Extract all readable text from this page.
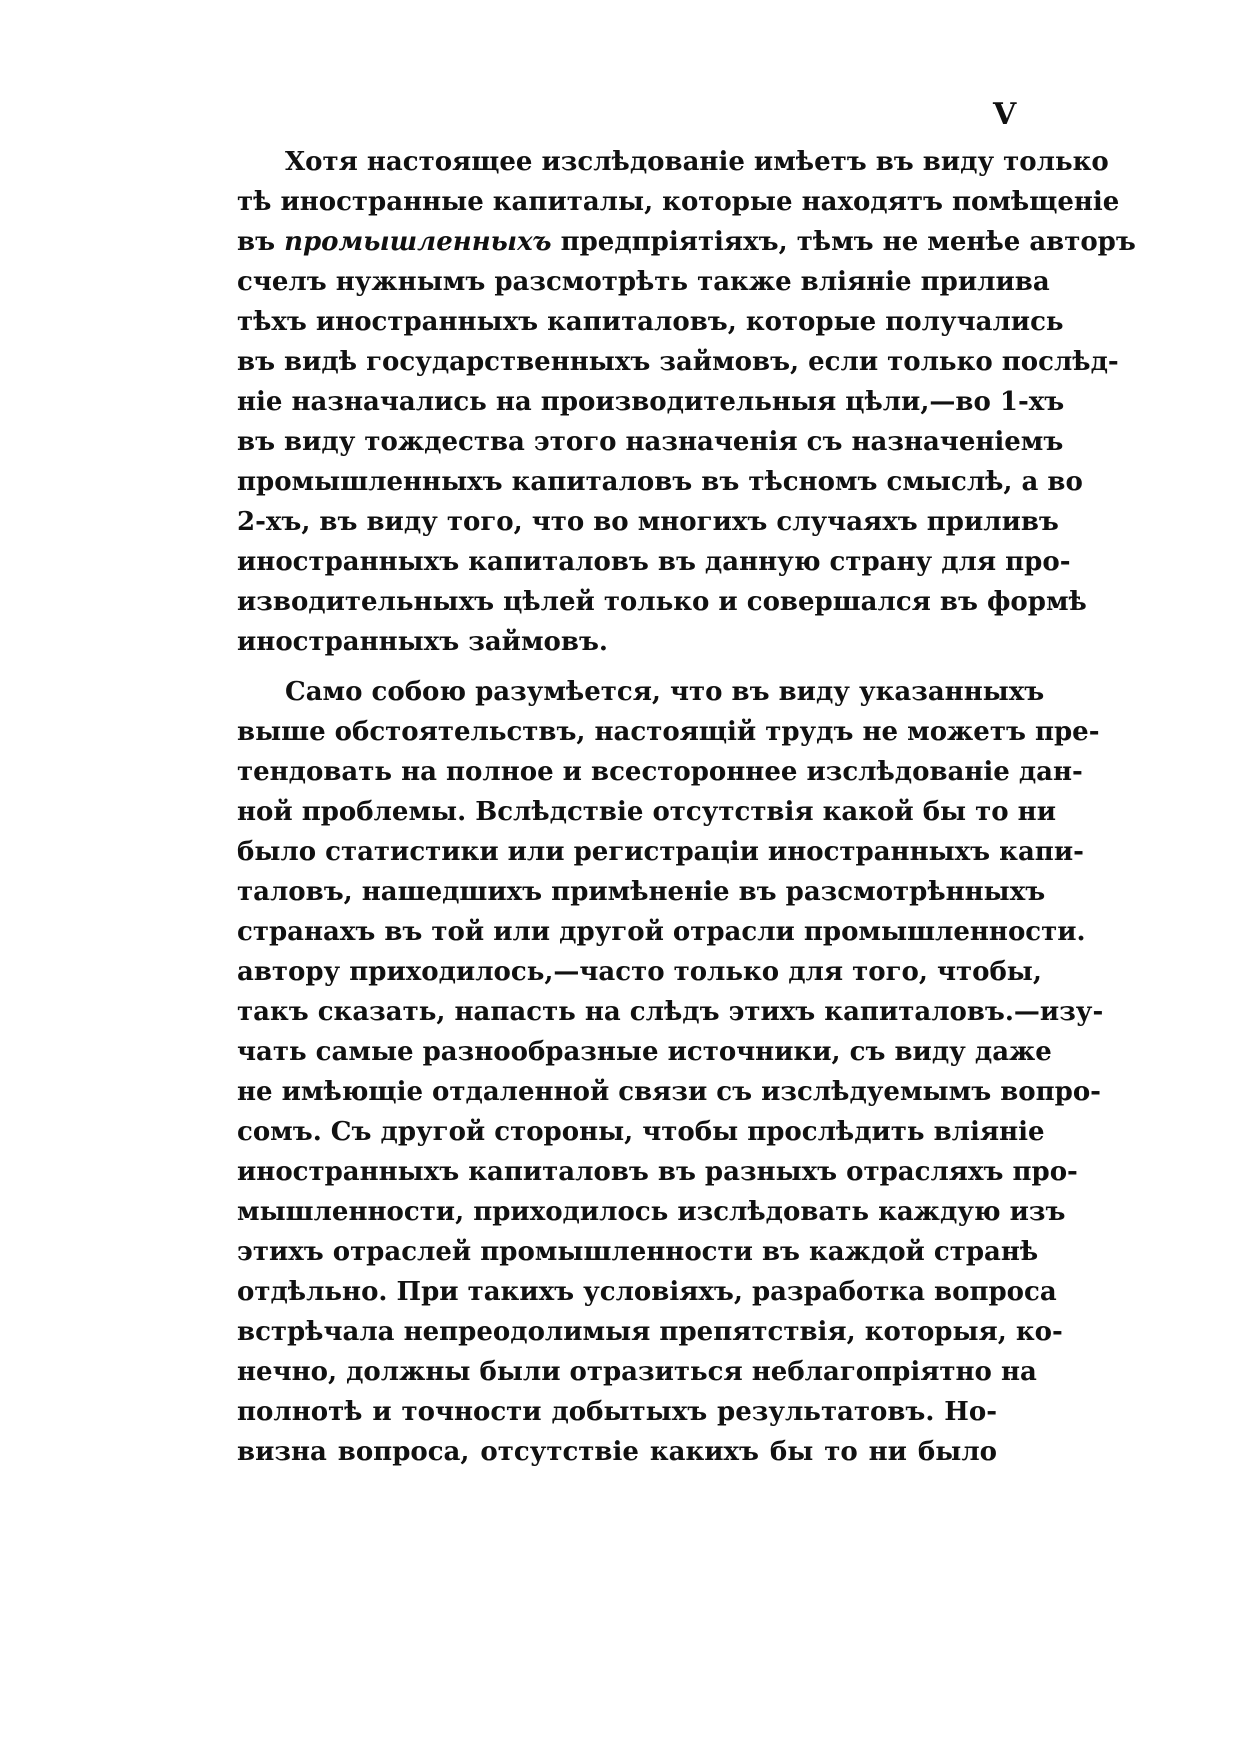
V
Хотя настоящее изслѣдованіе имѣетъ въ виду только
тѣ иностранные капиталы, которые находятъ помѣщеніе
въ промышленныхъ предпріятіяхъ, тѣмъ не менѣе авторъ
счелъ нужнымъ разсмотрѣть также вліяніе прилива
тѣхъ иностранныхъ капиталовъ, которые получались
въ видѣ государственныхъ займовъ, если только послѣд-
ніе назначались на производительныя цѣли,—во 1-хъ
въ виду тождества этого назначенія съ назначеніемъ
промышленныхъ капиталовъ въ тѣсномъ смыслѣ, а во
2-хъ, въ виду того, что во многихъ случаяхъ приливъ
иностранныхъ капиталовъ въ данную страну для про-
изводительныхъ цѣлей только и совершался въ формѣ
иностранныхъ займовъ.
Само собою разумѣется, что въ виду указанныхъ
выше обстоятельствъ, настоящій трудъ не можетъ пре-
тендовать на полное и всестороннее изслѣдованіе дан-
ной проблемы. Вслѣдствіе отсутствія какой бы то ни
было статистики или регистраціи иностранныхъ капи-
таловъ, нашедшихъ примѣненіе въ разсмотрѣнныхъ
странахъ въ той или другой отрасли промышленности.
автору приходилось,—часто только для того, чтобы,
такъ сказать, напасть на слѣдъ этихъ капиталовъ.—изу-
чать самые разнообразные источники, съ виду даже
не имѣющіе отдаленной связи съ изслѣдуемымъ вопро-
сомъ. Съ другой стороны, чтобы прослѣдить вліяніе
иностранныхъ капиталовъ въ разныхъ отрасляхъ про-
мышленности, приходилось изслѣдовать каждую изъ
этихъ отраслей промышленности въ каждой странѣ
отдѣльно. При такихъ условіяхъ, разработка вопроса
встрѣчала непреодолимыя препятствія, которыя, ко-
нечно, должны были отразиться неблагопріятно на
полнотѣ и точности добытыхъ результатовъ. Но-
визна вопроса, отсутствіе какихъ бы то ни было
